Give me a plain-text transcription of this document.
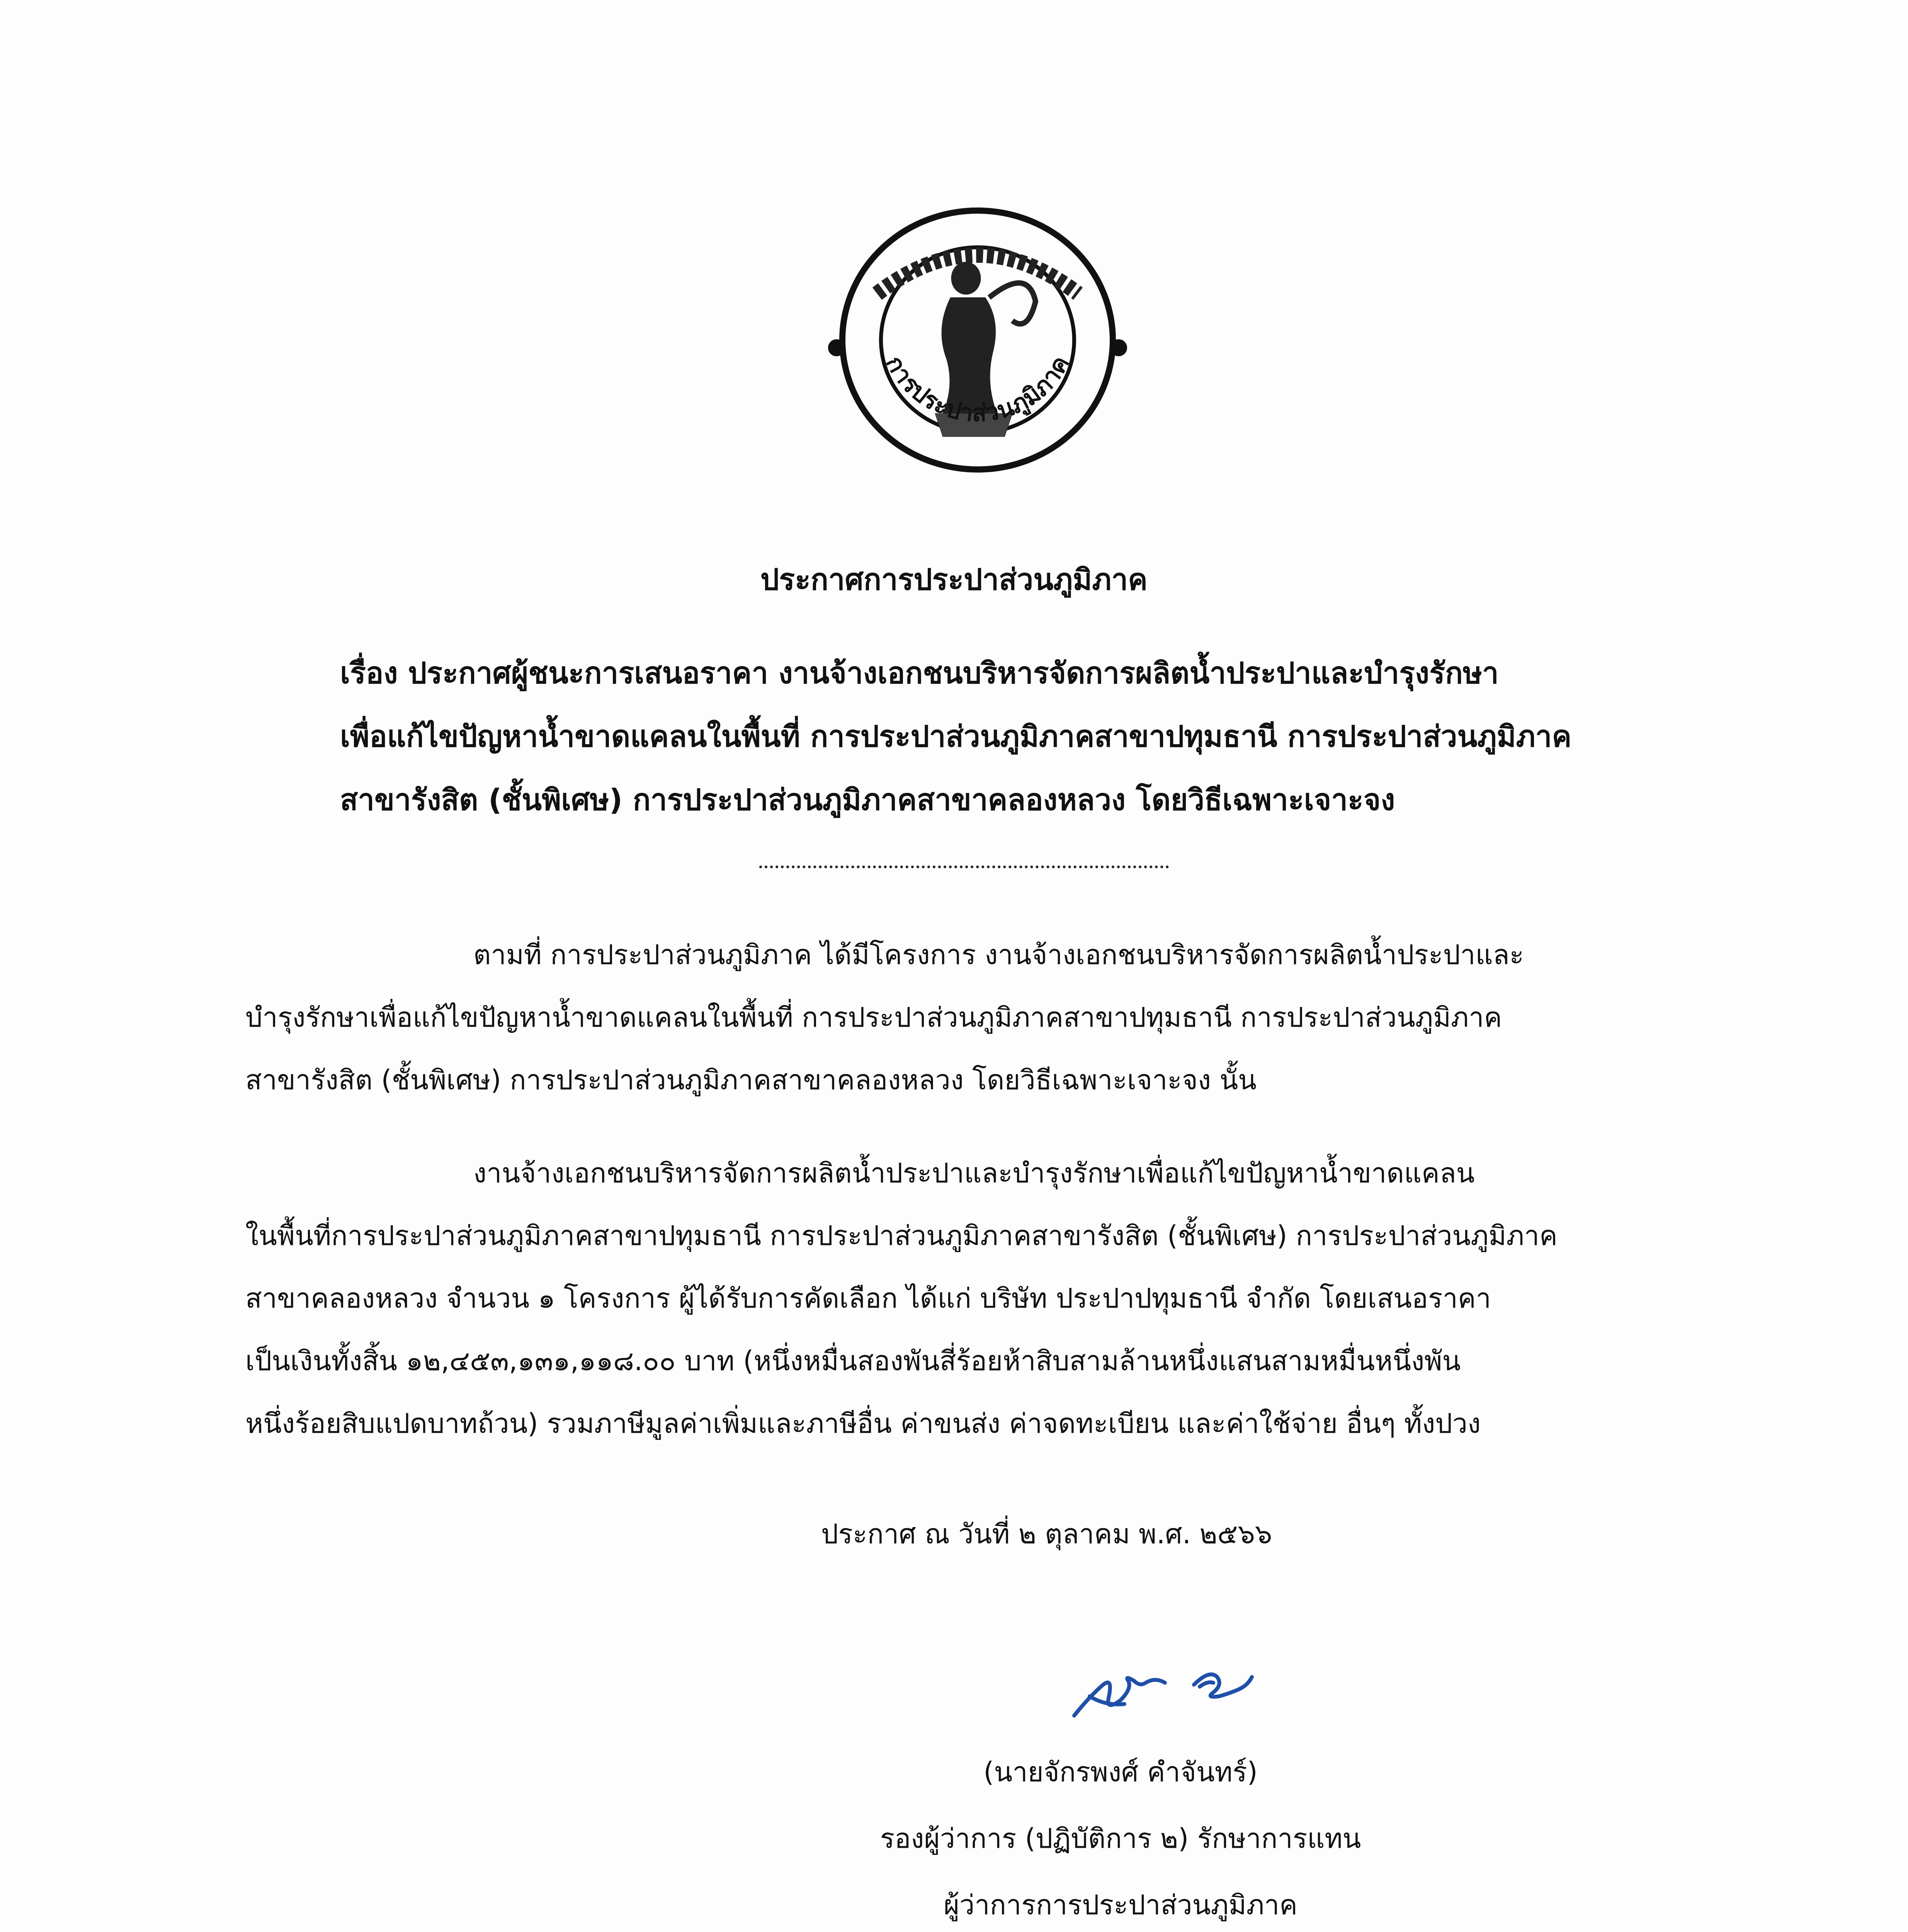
การประปาส่วนภูมิภาค
ประกาศการประปาส่วนภูมิภาค
เรื่อง ประกาศผู้ชนะการเสนอราคา งานจ้างเอกชนบริหารจัดการผลิตน้ำประปาและบำรุงรักษา
เพื่อแก้ไขปัญหาน้ำขาดแคลนในพื้นที่ การประปาส่วนภูมิภาคสาขาปทุมธานี การประปาส่วนภูมิภาค
สาขารังสิต (ชั้นพิเศษ) การประปาส่วนภูมิภาคสาขาคลองหลวง โดยวิธีเฉพาะเจาะจง
ตามที่ การประปาส่วนภูมิภาค ได้มีโครงการ งานจ้างเอกชนบริหารจัดการผลิตน้ำประปาและ
บำรุงรักษาเพื่อแก้ไขปัญหาน้ำขาดแคลนในพื้นที่ การประปาส่วนภูมิภาคสาขาปทุมธานี การประปาส่วนภูมิภาค
สาขารังสิต (ชั้นพิเศษ) การประปาส่วนภูมิภาคสาขาคลองหลวง โดยวิธีเฉพาะเจาะจง นั้น
งานจ้างเอกชนบริหารจัดการผลิตน้ำประปาและบำรุงรักษาเพื่อแก้ไขปัญหาน้ำขาดแคลน
ในพื้นที่การประปาส่วนภูมิภาคสาขาปทุมธานี การประปาส่วนภูมิภาคสาขารังสิต (ชั้นพิเศษ) การประปาส่วนภูมิภาค
สาขาคลองหลวง จำนวน ๑ โครงการ ผู้ได้รับการคัดเลือก ได้แก่ บริษัท ประปาปทุมธานี จำกัด โดยเสนอราคา
เป็นเงินทั้งสิ้น ๑๒,๔๕๓,๑๓๑,๑๑๘.๐๐ บาท (หนึ่งหมื่นสองพันสี่ร้อยห้าสิบสามล้านหนึ่งแสนสามหมื่นหนึ่งพัน
หนึ่งร้อยสิบแปดบาทถ้วน) รวมภาษีมูลค่าเพิ่มและภาษีอื่น ค่าขนส่ง ค่าจดทะเบียน และค่าใช้จ่าย อื่นๆ ทั้งปวง
ประกาศ ณ วันที่ ๒ ตุลาคม พ.ศ. ๒๕๖๖
(นายจักรพงศ์ คำจันทร์)
รองผู้ว่าการ (ปฏิบัติการ ๒) รักษาการแทน
ผู้ว่าการการประปาส่วนภูมิภาค
